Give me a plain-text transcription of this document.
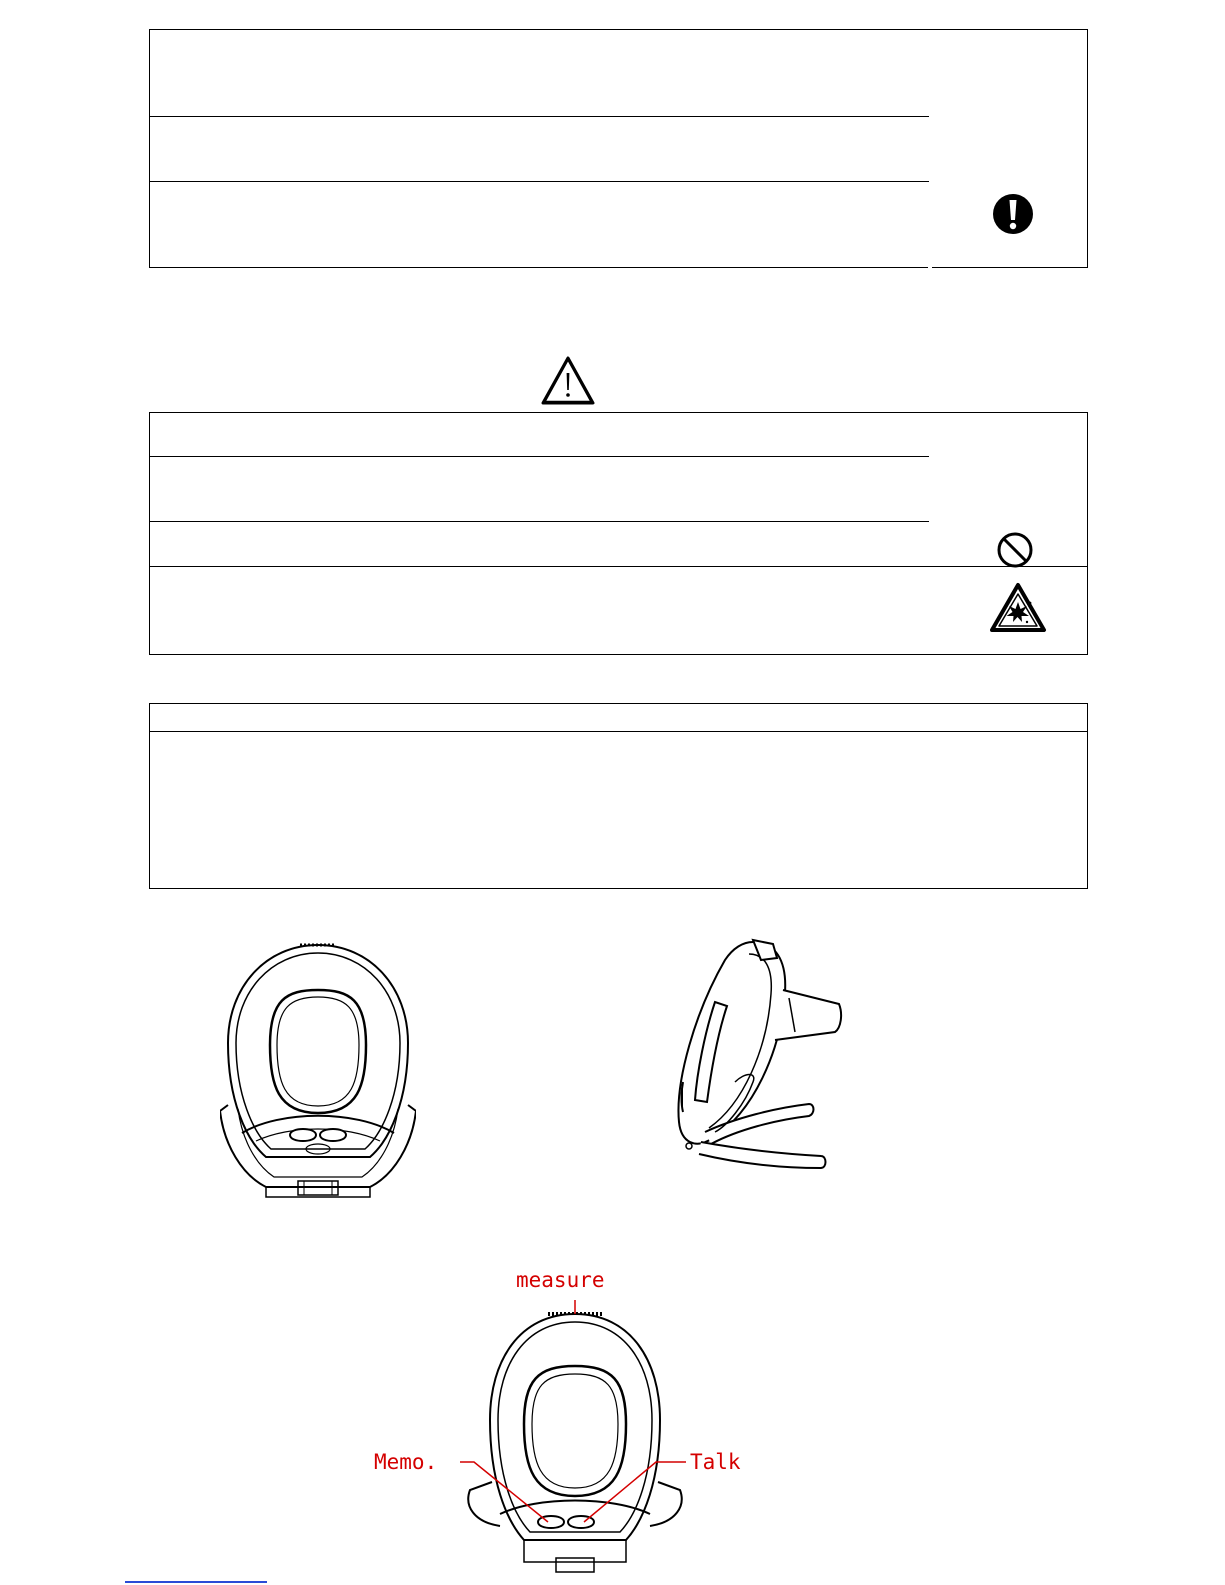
measure
Memo.	Talk
